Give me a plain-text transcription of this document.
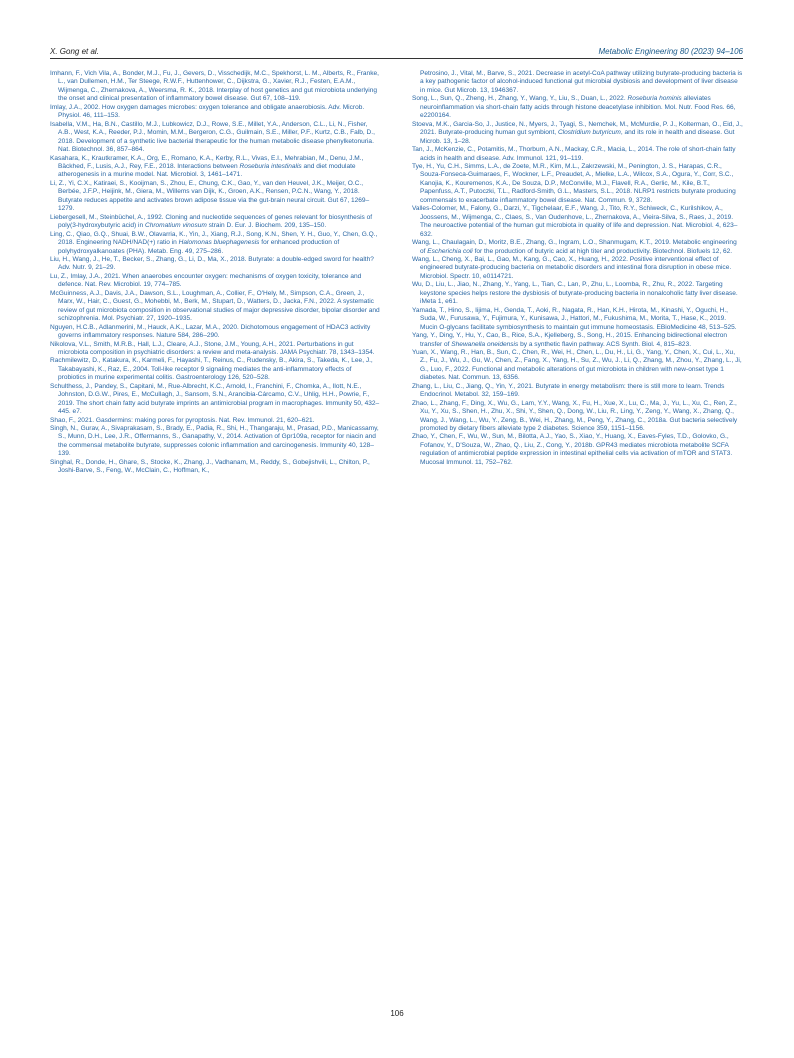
X. Gong et al.	Metabolic Engineering 80 (2023) 94–106

Imhann, F., Vich Vila, A., Bonder, M.J., Fu, J., Gevers, D., Visschedijk, M.C., Spekhorst, L. M., Alberts, R., Franke, L., van Dullemen, H.M., Ter Steege, R.W.F., Huttenhower, C., Dijkstra, G., Xavier, R.J., Festen, E.A.M., Wijmenga, C., Zhernakova, A., Weersma, R. K., 2018. Interplay of host genetics and gut microbiota underlying the onset and clinical presentation of inflammatory bowel disease. Gut 67, 108–119.

Imlay, J.A., 2002. How oxygen damages microbes: oxygen tolerance and obligate anaerobiosis. Adv. Microb. Physiol. 46, 111–153.

Isabella, V.M., Ha, B.N., Castillo, M.J., Lubkowicz, D.J., Rowe, S.E., Millet, Y.A., Anderson, C.L., Li, N., Fisher, A.B., West, K.A., Reeder, P.J., Momin, M.M., Bergeron, C.G., Guilmain, S.E., Miller, P.F., Kurtz, C.B., Falb, D., 2018. Development of a synthetic live bacterial therapeutic for the human metabolic disease phenylketonuria. Nat. Biotechnol. 36, 857–864.

Kasahara, K., Krautkramer, K.A., Org, E., Romano, K.A., Kerby, R.L., Vivas, E.I., Mehrabian, M., Denu, J.M., Bäckhed, F., Lusis, A.J., Rey, F.E., 2018. Interactions between Roseburia intestinalis and diet modulate atherogenesis in a murine model. Nat. Microbiol. 3, 1461–1471.

Li, Z., Yi, C.X., Katiraei, S., Kooijman, S., Zhou, E., Chung, C.K., Gao, Y., van den Heuvel, J.K., Meijer, O.C., Berbée, J.F.P., Heijink, M., Giera, M., Willems van Dijk, K., Groen, A.K., Rensen, P.C.N., Wang, Y., 2018. Butyrate reduces appetite and activates brown adipose tissue via the gut-brain neural circuit. Gut 67, 1269–1279.

Liebergesell, M., Steinbüchel, A., 1992. Cloning and nucleotide sequences of genes relevant for biosynthesis of poly(3-hydroxybutyric acid) in Chromatium vinosum strain D. Eur. J. Biochem. 209, 135–150.

Ling, C., Qiao, G.Q., Shuai, B.W., Olavarria, K., Yin, J., Xiang, R.J., Song, K.N., Shen, Y. H., Guo, Y., Chen, G.Q., 2018. Engineering NADH/NAD(+) ratio in Halomonas bluephagenesis for enhanced production of polyhydroxyalkanoates (PHA). Metab. Eng. 49, 275–286.

Liu, H., Wang, J., He, T., Becker, S., Zhang, G., Li, D., Ma, X., 2018. Butyrate: a double-edged sword for health? Adv. Nutr. 9, 21–29.

Lu, Z., Imlay, J.A., 2021. When anaerobes encounter oxygen: mechanisms of oxygen toxicity, tolerance and defence. Nat. Rev. Microbiol. 19, 774–785.

McGuinness, A.J., Davis, J.A., Dawson, S.L., Loughman, A., Collier, F., O'Hely, M., Simpson, C.A., Green, J., Marx, W., Hair, C., Guest, G., Mohebbi, M., Berk, M., Stupart, D., Watters, D., Jacka, F.N., 2022. A systematic review of gut microbiota composition in observational studies of major depressive disorder, bipolar disorder and schizophrenia. Mol. Psychiatr. 27, 1920–1935.

Nguyen, H.C.B., Adlanmerini, M., Hauck, A.K., Lazar, M.A., 2020. Dichotomous engagement of HDAC3 activity governs inflammatory responses. Nature 584, 286–290.

Nikolova, V.L., Smith, M.R.B., Hall, L.J., Cleare, A.J., Stone, J.M., Young, A.H., 2021. Perturbations in gut microbiota composition in psychiatric disorders: a review and meta-analysis. JAMA Psychiatr. 78, 1343–1354.

Rachmilewitz, D., Katakura, K., Karmeli, F., Hayashi, T., Reinus, C., Rudensky, B., Akira, S., Takeda, K., Lee, J., Takabayashi, K., Raz, E., 2004. Toll-like receptor 9 signaling mediates the anti-inflammatory effects of probiotics in murine experimental colitis. Gastroenterology 126, 520–528.

Schulthess, J., Pandey, S., Capitani, M., Rue-Albrecht, K.C., Arnold, I., Franchini, F., Chomka, A., Ilott, N.E., Johnston, D.G.W., Pires, E., McCullagh, J., Sansom, S.N., Arancibia-Cárcamo, C.V., Uhlig, H.H., Powrie, F., 2019. The short chain fatty acid butyrate imprints an antimicrobial program in macrophages. Immunity 50, 432–445. e7.

Shao, F., 2021. Gasdermins: making pores for pyroptosis. Nat. Rev. Immunol. 21, 620–621.

Singh, N., Gurav, A., Sivaprakasam, S., Brady, E., Padia, R., Shi, H., Thangaraju, M., Prasad, P.D., Manicassamy, S., Munn, D.H., Lee, J.R., Offermanns, S., Ganapathy, V., 2014. Activation of Gpr109a, receptor for niacin and the commensal metabolite butyrate, suppresses colonic inflammation and carcinogenesis. Immunity 40, 128–139.

Singhal, R., Donde, H., Ghare, S., Stocke, K., Zhang, J., Vadhanam, M., Reddy, S., Gobejishvili, L., Chilton, P., Joshi-Barve, S., Feng, W., McClain, C., Hoffman, K.,

Petrosino, J., Vital, M., Barve, S., 2021. Decrease in acetyl-CoA pathway utilizing butyrate-producing bacteria is a key pathogenic factor of alcohol-induced functional gut microbial dysbiosis and development of liver disease in mice. Gut Microb. 13, 1946367.

Song, L., Sun, Q., Zheng, H., Zhang, Y., Wang, Y., Liu, S., Duan, L., 2022. Roseburia hominis alleviates neuroinflammation via short-chain fatty acids through histone deacetylase inhibition. Mol. Nutr. Food Res. 66, e2200164.

Stoeva, M.K., Garcia-So, J., Justice, N., Myers, J., Tyagi, S., Nemchek, M., McMurdie, P. J., Kolterman, O., Eid, J., 2021. Butyrate-producing human gut symbiont, Clostridium butyricum, and its role in health and disease. Gut Microb. 13, 1–28.

Tan, J., McKenzie, C., Potamitis, M., Thorburn, A.N., Mackay, C.R., Macia, L., 2014. The role of short-chain fatty acids in health and disease. Adv. Immunol. 121, 91–119.

Tye, H., Yu, C.H., Simms, L.A., de Zoete, M.R., Kim, M.L., Zakrzewski, M., Penington, J. S., Harapas, C.R., Souza-Fonseca-Guimaraes, F., Wockner, L.F., Preaudet, A., Mielke, L.A., Wilcox, S.A., Ogura, Y., Corr, S.C., Kanojia, K., Kouremenos, K.A., De Souza, D.P., McConville, M.J., Flavell, R.A., Gerlic, M., Kile, B.T., Papenfuss, A.T., Putoczki, T.L., Radford-Smith, G.L., Masters, S.L., 2018. NLRP1 restricts butyrate producing commensals to exacerbate inflammatory bowel disease. Nat. Commun. 9, 3728.

Valles-Colomer, M., Falony, G., Darzi, Y., Tigchelaar, E.F., Wang, J., Tito, R.Y., Schiweck, C., Kurilshikov, A., Joossens, M., Wijmenga, C., Claes, S., Van Oudenhove, L., Zhernakova, A., Vieira-Silva, S., Raes, J., 2019. The neuroactive potential of the human gut microbiota in quality of life and depression. Nat. Microbiol. 4, 623–632.

Wang, L., Chaulagain, D., Moritz, B.E., Zhang, G., Ingram, L.O., Shanmugam, K.T., 2019. Metabolic engineering of Escherichia coli for the production of butyric acid at high titer and productivity. Biotechnol. Biofuels 12, 62.

Wang, L., Cheng, X., Bai, L., Gao, M., Kang, G., Cao, X., Huang, H., 2022. Positive interventional effect of engineered butyrate-producing bacteria on metabolic disorders and intestinal flora disruption in obese mice. Microbiol. Spectr. 10, e0114721.

Wu, D., Liu, L., Jiao, N., Zhang, Y., Yang, L., Tian, C., Lan, P., Zhu, L., Loomba, R., Zhu, R., 2022. Targeting keystone species helps restore the dysbiosis of butyrate-producing bacteria in nonalcoholic fatty liver disease. iMeta 1, e61.

Yamada, T., Hino, S., Iijima, H., Genda, T., Aoki, R., Nagata, R., Han, K.H., Hirota, M., Kinashi, Y., Oguchi, H., Suda, W., Furusawa, Y., Fujimura, Y., Kunisawa, J., Hattori, M., Fukushima, M., Morita, T., Hase, K., 2019. Mucin O-glycans facilitate symbiosynthesis to maintain gut immune homeostasis. EBioMedicine 48, 513–525.

Yang, Y., Ding, Y., Hu, Y., Cao, B., Rice, S.A., Kjelleberg, S., Song, H., 2015. Enhancing bidirectional electron transfer of Shewanella oneidensis by a synthetic flavin pathway. ACS Synth. Biol. 4, 815–823.

Yuan, X., Wang, R., Han, B., Sun, C., Chen, R., Wei, H., Chen, L., Du, H., Li, G., Yang, Y., Chen, X., Cui, L., Xu, Z., Fu, J., Wu, J., Gu, W., Chen, Z., Fang, X., Yang, H., Su, Z., Wu, J., Li, Q., Zhang, M., Zhou, Y., Zhang, L., Ji, G., Luo, F., 2022. Functional and metabolic alterations of gut microbiota in children with new-onset type 1 diabetes. Nat. Commun. 13, 6356.

Zhang, L., Liu, C., Jiang, Q., Yin, Y., 2021. Butyrate in energy metabolism: there is still more to learn. Trends Endocrinol. Metabol. 32, 159–169.

Zhao, L., Zhang, F., Ding, X., Wu, G., Lam, Y.Y., Wang, X., Fu, H., Xue, X., Lu, C., Ma, J., Yu, L., Xu, C., Ren, Z., Xu, Y., Xu, S., Shen, H., Zhu, X., Shi, Y., Shen, Q., Dong, W., Liu, R., Ling, Y., Zeng, Y., Wang, X., Zhang, Q., Wang, J., Wang, L., Wu, Y., Zeng, B., Wei, H., Zhang, M., Peng, Y., Zhang, C., 2018a. Gut bacteria selectively promoted by dietary fibers alleviate type 2 diabetes. Science 359, 1151–1156.

Zhao, Y., Chen, F., Wu, W., Sun, M., Bilotta, A.J., Yao, S., Xiao, Y., Huang, X., Eaves-Fyles, T.D., Golovko, G., Fofanov, Y., D'Souza, W., Zhao, Q., Liu, Z., Cong, Y., 2018b. GPR43 mediates microbiota metabolite SCFA regulation of antimicrobial peptide expression in intestinal epithelial cells via activation of mTOR and STAT3. Mucosal Immunol. 11, 752–762.

106
